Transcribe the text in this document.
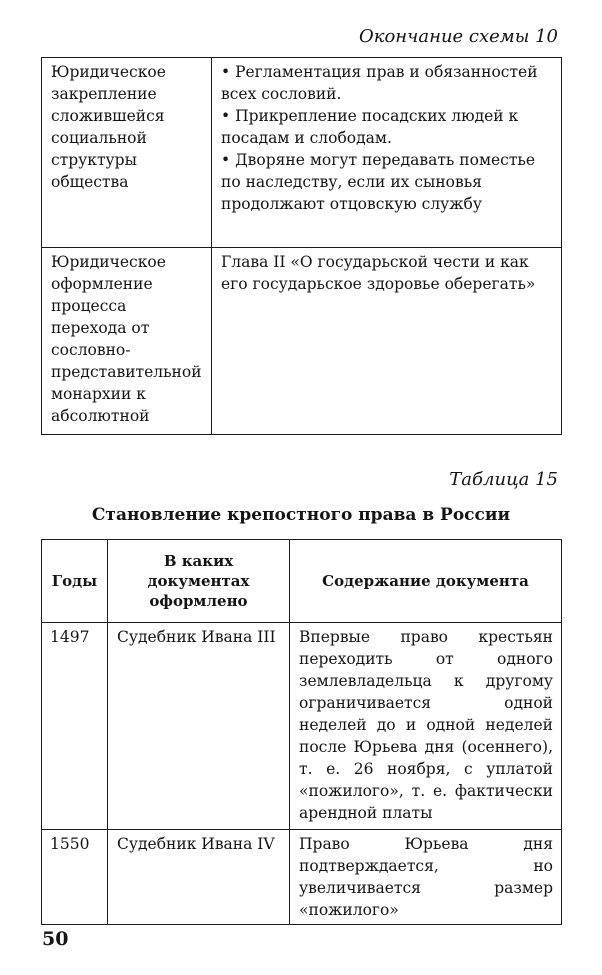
Окончание схемы 10
Юридическое закрепление сложившейся социальной структуры общества	• Регламентация прав и обязанностей всех сословий.
• Прикрепление посадских людей к посадам и слободам.
• Дворяне могут передавать поместье по наследству, если их сыновья продолжают отцовскую службу

Юридическое оформление процесса перехода от сословно-представительной монархии к абсолютной	Глава II «О государьской чести и как его государьское здоровье оберегать»
Таблица 15
Становление крепостного права в России
Годы	В каких документах оформлено	Содержание документа
1497	Судебник Ивана III	Впервые право крестьян переходить от одного землевладельца к другому ограничивается одной неделей до и одной неделей после Юрьева дня (осеннего), т. е. 26 ноября, с уплатой «пожилого», т. е. фактически арендной платы
1550	Судебник Ивана IV	Право Юрьева дня подтверждается, но увеличивается размер «пожилого»
50
